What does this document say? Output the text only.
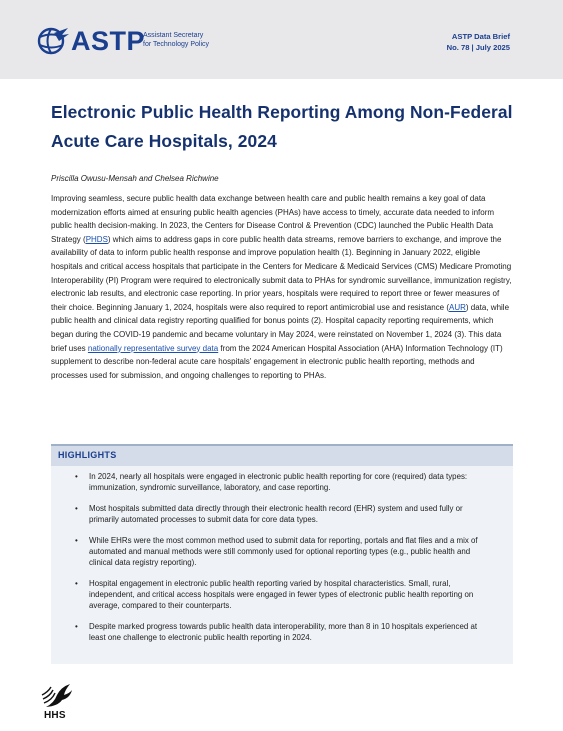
ASTP
Assistant Secretary
for Technology Policy
ASTP Data Brief
No. 78 | July 2025
Electronic Public Health Reporting Among Non-Federal Acute Care Hospitals, 2024
Priscilla Owusu-Mensah and Chelsea Richwine
Improving seamless, secure public health data exchange between health care and public health remains a key goal of data modernization efforts aimed at ensuring public health agencies (PHAs) have access to timely, accurate data needed to inform public health decision-making. In 2023, the Centers for Disease Control & Prevention (CDC) launched the Public Health Data Strategy (PHDS) which aims to address gaps in core public health data streams, remove barriers to exchange, and improve the availability of data to inform public health response and improve population health (1). Beginning in January 2022, eligible hospitals and critical access hospitals that participate in the Centers for Medicare & Medicaid Services (CMS) Medicare Promoting Interoperability (PI) Program were required to electronically submit data to PHAs for syndromic surveillance, immunization registry, electronic lab results, and electronic case reporting. In prior years, hospitals were required to report three or fewer measures of their choice. Beginning January 1, 2024, hospitals were also required to report antimicrobial use and resistance (AUR) data, while public health and clinical data registry reporting qualified for bonus points (2). Hospital capacity reporting requirements, which began during the COVID-19 pandemic and became voluntary in May 2024, were reinstated on November 1, 2024 (3). This data brief uses nationally representative survey data from the 2024 American Hospital Association (AHA) Information Technology (IT) supplement to describe non-federal acute care hospitals' engagement in electronic public health reporting, methods and processes used for submission, and ongoing challenges to reporting to PHAs.
HIGHLIGHTS
• In 2024, nearly all hospitals were engaged in electronic public health reporting for core (required) data types: immunization, syndromic surveillance, laboratory, and case reporting.
• Most hospitals submitted data directly through their electronic health record (EHR) system and used fully or primarily automated processes to submit data for core data types.
• While EHRs were the most common method used to submit data for reporting, portals and flat files and a mix of automated and manual methods were still commonly used for optional reporting types (e.g., public health and clinical data registry reporting).
• Hospital engagement in electronic public health reporting varied by hospital characteristics. Small, rural, independent, and critical access hospitals were engaged in fewer types of electronic public health reporting on average, compared to their counterparts.
• Despite marked progress towards public health data interoperability, more than 8 in 10 hospitals experienced at least one challenge to electronic public health reporting in 2024.
HHS
